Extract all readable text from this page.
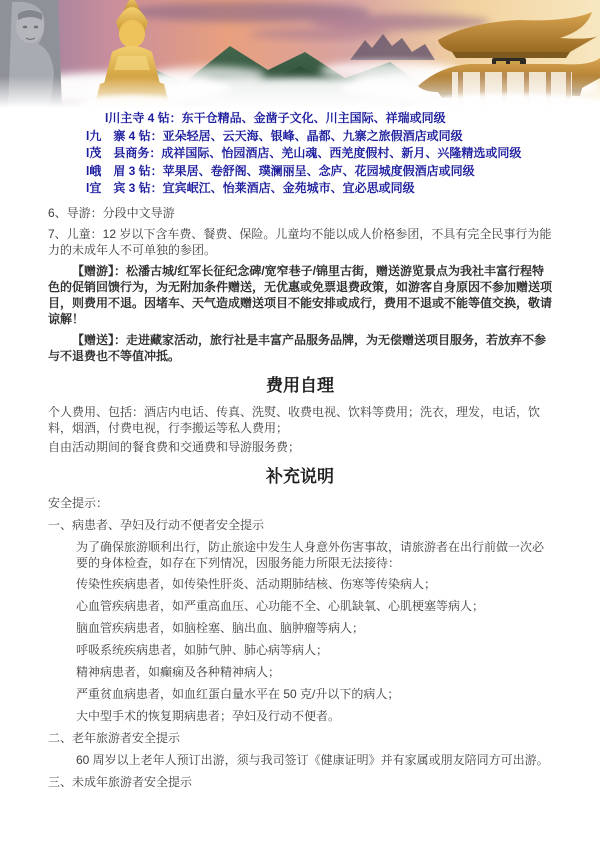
l川主寺 4 钻：东干仓精品、金凿子文化、川主国际、祥瑞或同级
l九　寨 4 钻：亚朵轻居、云天海、银峰、晶都、九寨之旅假酒店或同级
l茂　县商务：成祥国际、怡园酒店、羌山魂、西羌度假村、新月、兴隆精选或同级
l峨　眉 3 钻：苹果居、卷舒阁、璞澜丽呈、念庐、花园城度假酒店或同级
l宜　宾 3 钻：宜宾岷江、怡莱酒店、金苑城市、宜必思或同级
6、导游：分段中文导游
7、儿童：12 岁以下含车费、餐费、保险。儿童均不能以成人价格参团，不具有完全民事行为能力的未成年人不可单独的参团。
【赠游】：松潘古城/红军长征纪念碑/宽窄巷子/锦里古街，赠送游览景点为我社丰富行程特色的促销回馈行为，为无附加条件赠送，无优惠或免票退费政策，如游客自身原因不参加赠送项目，则费用不退。因堵车、天气造成赠送项目不能安排或成行，费用不退或不能等值交换，敬请谅解！
【赠送】：走进藏家活动，旅行社是丰富产品服务品牌，为无偿赠送项目服务，若放弃不参与不退费也不等值冲抵。
费用自理
个人费用、包括：酒店内电话、传真、洗熨、收费电视、饮料等费用；洗衣，理发，电话，饮料，烟酒，付费电视，行李搬运等私人费用；
自由活动期间的餐食费和交通费和导游服务费；
补充说明
安全提示：
一、病患者、孕妇及行动不便者安全提示
为了确保旅游顺利出行，防止旅途中发生人身意外伤害事故，请旅游者在出行前做一次必要的身体检查，如存在下列情况，因服务能力所限无法接待：
传染性疾病患者，如传染性肝炎、活动期肺结核、伤寒等传染病人；
心血管疾病患者，如严重高血压、心功能不全、心肌缺氧、心肌梗塞等病人；
脑血管疾病患者，如脑栓塞、脑出血、脑肿瘤等病人；
呼吸系统疾病患者，如肺气肿、肺心病等病人；
精神病患者，如癫痫及各种精神病人；
严重贫血病患者，如血红蛋白量水平在 50 克/升以下的病人；
大中型手术的恢复期病患者；孕妇及行动不便者。
二、老年旅游者安全提示
60 周岁以上老年人预订出游，须与我司签订《健康证明》并有家属或朋友陪同方可出游。
三、未成年旅游者安全提示
